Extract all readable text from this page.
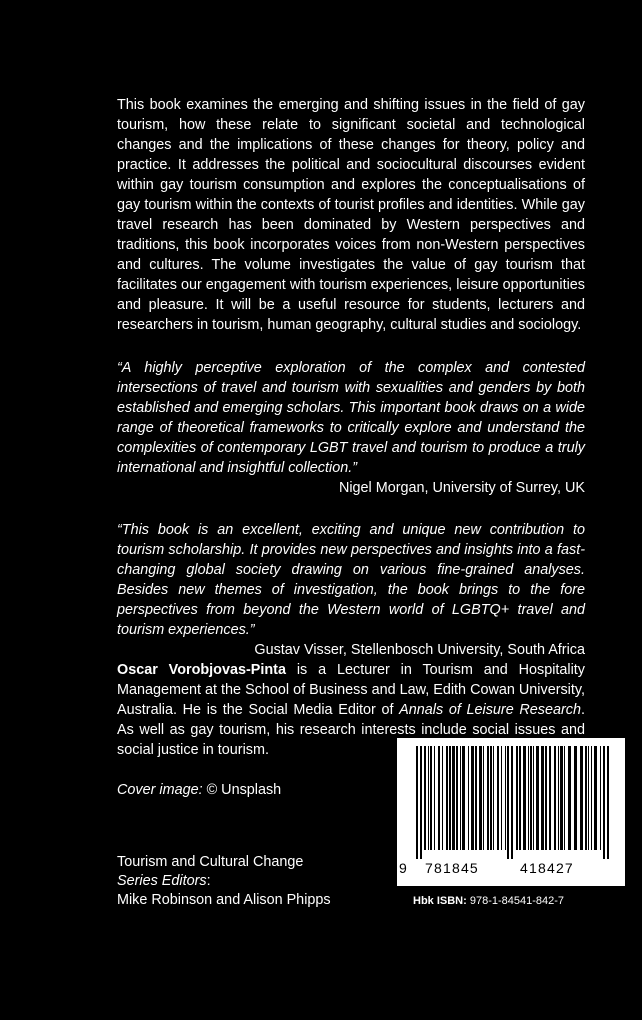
This book examines the emerging and shifting issues in the field of gay tourism, how these relate to significant societal and technological changes and the implications of these changes for theory, policy and practice. It addresses the political and sociocultural discourses evident within gay tourism consumption and explores the conceptualisations of gay tourism within the contexts of tourist profiles and identities. While gay travel research has been dominated by Western perspectives and traditions, this book incorporates voices from non-Western perspectives and cultures. The volume investigates the value of gay tourism that facilitates our engagement with tourism experiences, leisure opportunities and pleasure. It will be a useful resource for students, lecturers and researchers in tourism, human geography, cultural studies and sociology.

“A highly perceptive exploration of the complex and contested intersections of travel and tourism with sexualities and genders by both established and emerging scholars. This important book draws on a wide range of theoretical frameworks to critically explore and understand the complexities of contemporary LGBT travel and tourism to produce a truly international and insightful collection.”

Nigel Morgan, University of Surrey, UK

“This book is an excellent, exciting and unique new contribution to tourism scholarship. It provides new perspectives and insights into a fast-changing global society drawing on various fine-grained analyses. Besides new themes of investigation, the book brings to the fore perspectives from beyond the Western world of LGBTQ+ travel and tourism experiences.”

Gustav Visser, Stellenbosch University, South Africa

Oscar Vorobjovas-Pinta is a Lecturer in Tourism and Hospitality Management at the School of Business and Law, Edith Cowan University, Australia. He is the Social Media Editor of Annals of Leisure Research. As well as gay tourism, his research interests include social issues and social justice in tourism.

Cover image: © Unsplash
Tourism and Cultural Change
Series Editors:
Mike Robinson and Alison Phipps
9 781845	418427
Hbk ISBN: 978-1-84541-842-7
